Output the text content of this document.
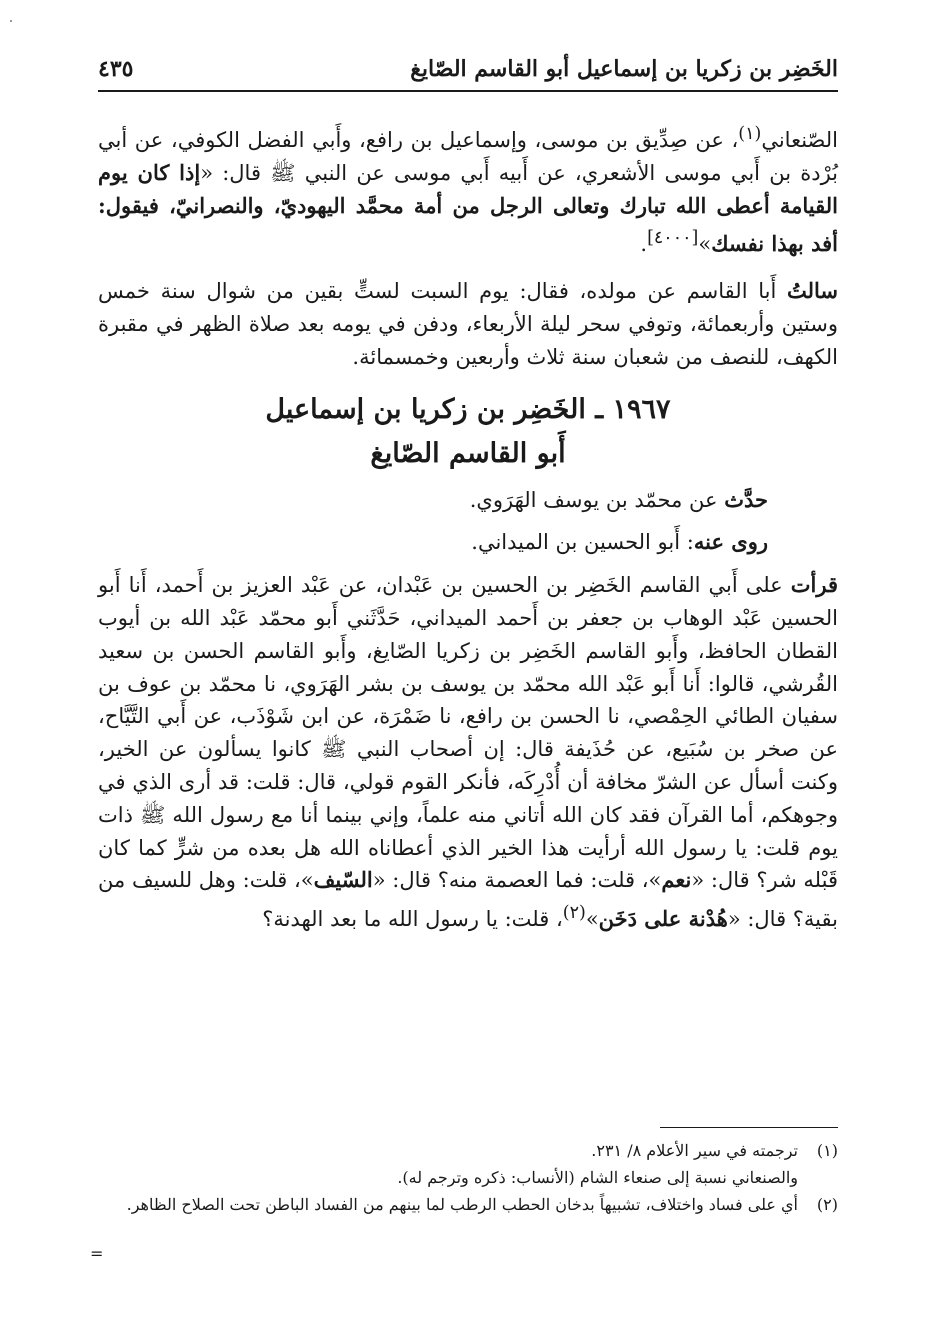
الخَضِر بن زكريا بن إسماعيل أبو القاسم الصّايغ
٤٣٥

الصّنعاني$^{(١)}$، عن صِدِّيق بن موسى، وإسماعيل بن رافع، وأَبي الفضل الكوفي، عن أبي بُرْدة بن أَبي موسى الأشعري، عن أَبيه أَبي موسى عن النبي ﷺ قال: «إذا كان يوم القيامة أعطى الله تبارك وتعالى الرجل من أمة محمَّد اليهوديّ، والنصرانيّ، فيقول: أفد بهذا نفسك»[٤٠٠٠].

سالتُ أَبا القاسم عن مولده، فقال: يوم السبت لستٍّ بقين من شوال سنة خمس وستين وأربعمائة، وتوفي سحر ليلة الأربعاء، ودفن في يومه بعد صلاة الظهر في مقبرة الكهف، للنصف من شعبان سنة ثلاث وأربعين وخمسمائة.

١٩٦٧ ـ الخَضِر بن زكريا بن إسماعيل
أَبو القاسم الصّايغ

حدَّث عن محمّد بن يوسف الهَرَوي.

روى عنه: أَبو الحسين بن الميداني.

قرأت على أَبي القاسم الخَضِر بن الحسين بن عَبْدان، عن عَبْد العزيز بن أَحمد، أَنا أَبو الحسين عَبْد الوهاب بن جعفر بن أَحمد الميداني، حَدَّثَني أَبو محمّد عَبْد الله بن أيوب القطان الحافظ، وأَبو القاسم الخَضِر بن زكريا الصّايغ، وأَبو القاسم الحسن بن سعيد القُرشي، قالوا: أَنا أَبو عَبْد الله محمّد بن يوسف بن بشر الهَرَوي، نا محمّد بن عوف بن سفيان الطائي الحِمْصي، نا الحسن بن رافع، نا ضَمْرَة، عن ابن شَوْذَب، عن أَبي التَّيَّاح، عن صخر بن سُبَيع، عن حُذَيفة قال: إن أصحاب النبي ﷺ كانوا يسألون عن الخير، وكنت أسأل عن الشرّ مخافة أن أُدْرِكَه، فأنكر القوم قولي، قال: قلت: قد أرى الذي في وجوهكم، أما القرآن فقد كان الله أتاني منه علماً، وإني بينما أنا مع رسول الله ﷺ ذات يوم قلت: يا رسول الله أرأيت هذا الخير الذي أعطاناه الله هل بعده من شرٍّ كما كان قَبْله شر؟ قال: «نعم»، قلت: فما العصمة منه؟ قال: «السّيف»، قلت: وهل للسيف من بقية؟ قال: «هُدْنة على دَخَن»$^{(٢)}$، قلت: يا رسول الله ما بعد الهدنة؟

(١)
ترجمته في سير الأعلام ٨/ ٢٣١.

والصنعاني نسبة إلى صنعاء الشام (الأنساب: ذكره وترجم له).

(٢)
أي على فساد واختلاف، تشبيهاً بدخان الحطب الرطب لما بينهم من الفساد الباطن تحت الصلاح الظاهر.

=
